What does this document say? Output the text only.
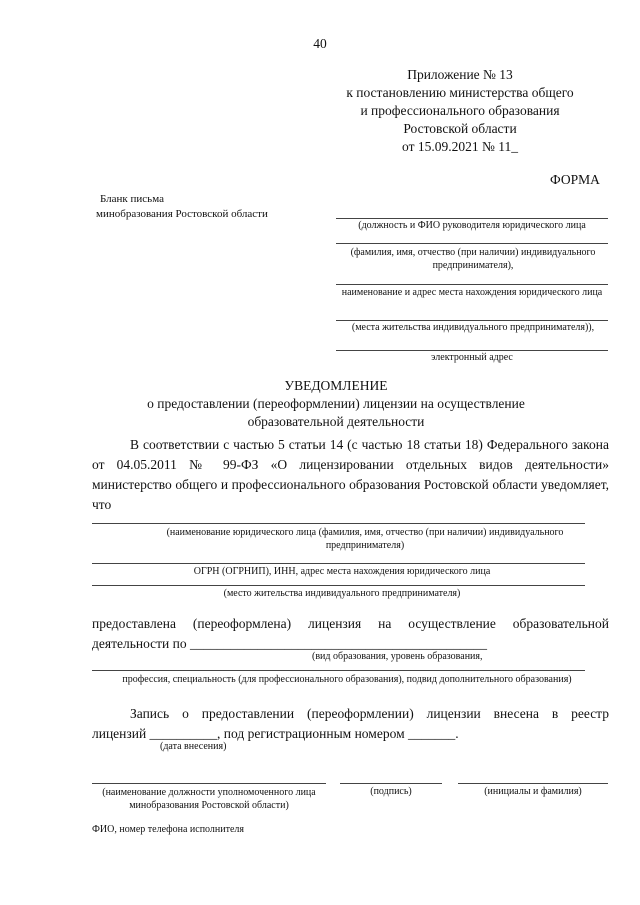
40
Приложение № 13
к постановлению министерства общего
и профессионального образования
Ростовской области
от 15.09.2021 № 11_
ФОРМА
Бланк письма
минобразования Ростовской области
(должность и ФИО руководителя юридического лица
(фамилия, имя, отчество (при наличии) индивидуального предпринимателя),
наименование и адрес места нахождения юридического лица
(места жительства индивидуального предпринимателя)),
электронный адрес
УВЕДОМЛЕНИЕ
о предоставлении (переоформлении) лицензии на осуществление
образовательной деятельности
В соответствии с частью 5 статьи 14 (с частью 18 статьи 18) Федерального закона от 04.05.2011 № 99-ФЗ «О лицензировании отдельных видов деятельности» министерство общего и профессионального образования Ростовской области уведомляет, что
(наименование юридического лица (фамилия, имя, отчество (при наличии) индивидуального предпринимателя)
ОГРН (ОГРНИП), ИНН, адрес места нахождения юридического лица
(место жительства индивидуального предпринимателя)
предоставлена (переоформлена) лицензия на осуществление образовательной
деятельности по ____________________________________________
(вид образования, уровень образования,
профессия, специальность (для профессионального образования), подвид дополнительного образования)
Запись о предоставлении (переоформлении) лицензии внесена в реестр
лицензий __________, под регистрационным номером _______.
(дата внесения)
(наименование должности уполномоченного лица минобразования Ростовской области)
(подпись)	(инициалы и фамилия)
ФИО, номер телефона исполнителя
